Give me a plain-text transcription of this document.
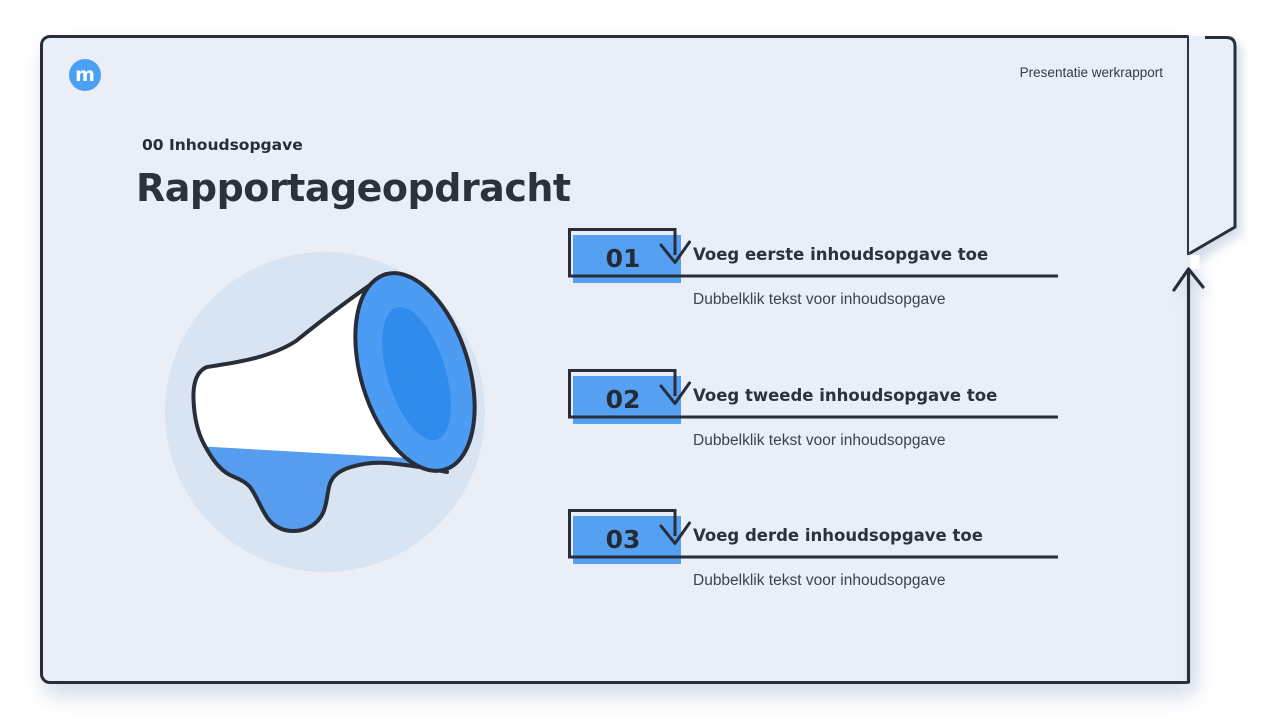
m	Presentatie werkrapport
00 Inhoudsopgave
Rapportageopdracht
01	Voeg eerste inhoudsopgave toe
Dubbelklik tekst voor inhoudsopgave
02	Voeg tweede inhoudsopgave toe
Dubbelklik tekst voor inhoudsopgave
03	Voeg derde inhoudsopgave toe
Dubbelklik tekst voor inhoudsopgave
